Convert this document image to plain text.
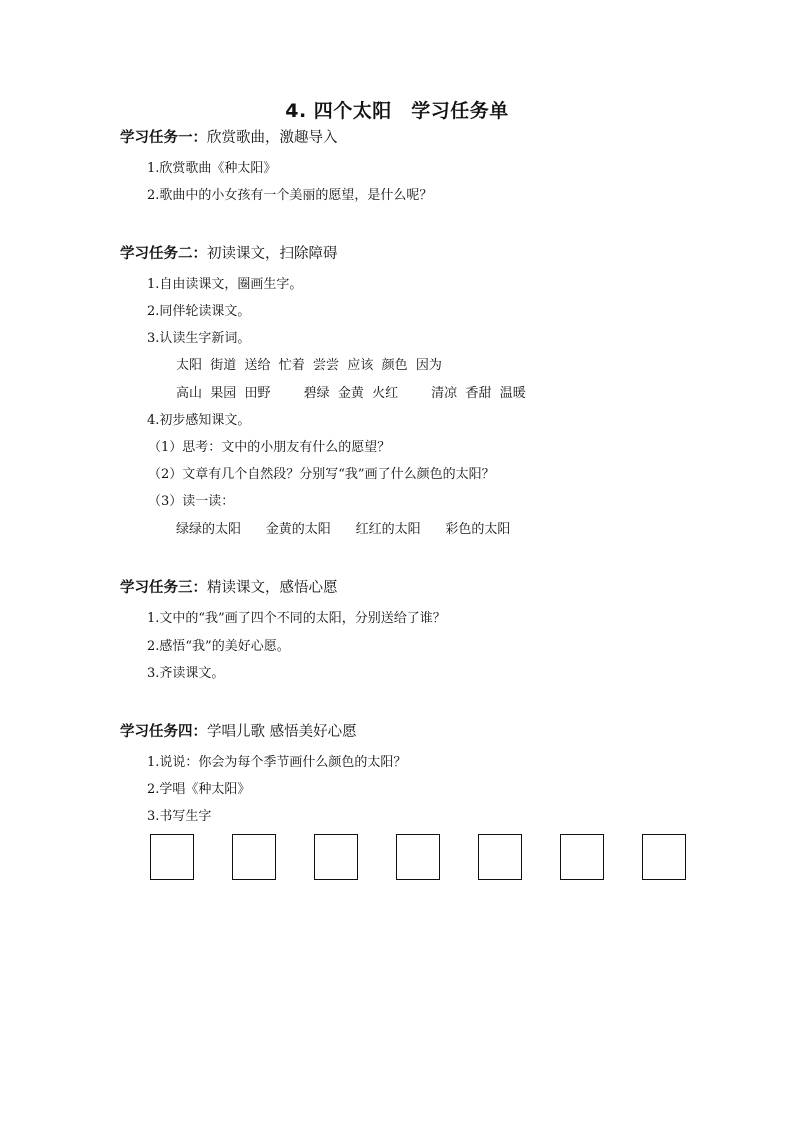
4. 四个太阳　学习任务单
学习任务一：欣赏歌曲，激趣导入
1.欣赏歌曲《种太阳》
2.歌曲中的小女孩有一个美丽的愿望，是什么呢？
学习任务二：初读课文，扫除障碍
1.自由读课文，圈画生字。
2.同伴轮读课文。
3.认读生字新词。
太阳  街道  送给  忙着  尝尝  应该  颜色  因为
高山  果园  田野        碧绿  金黄  火红        清凉  香甜  温暖
4.初步感知课文。
（1）思考：文中的小朋友有什么的愿望？
（2）文章有几个自然段？分别写“我”画了什么颜色的太阳？
（3）读一读：
绿绿的太阳      金黄的太阳      红红的太阳      彩色的太阳
学习任务三：精读课文，感悟心愿
1.文中的“我”画了四个不同的太阳，分别送给了谁？
2.感悟“我”的美好心愿。
3.齐读课文。
学习任务四：学唱儿歌 感悟美好心愿
1.说说：你会为每个季节画什么颜色的太阳？
2.学唱《种太阳》
3.书写生字
